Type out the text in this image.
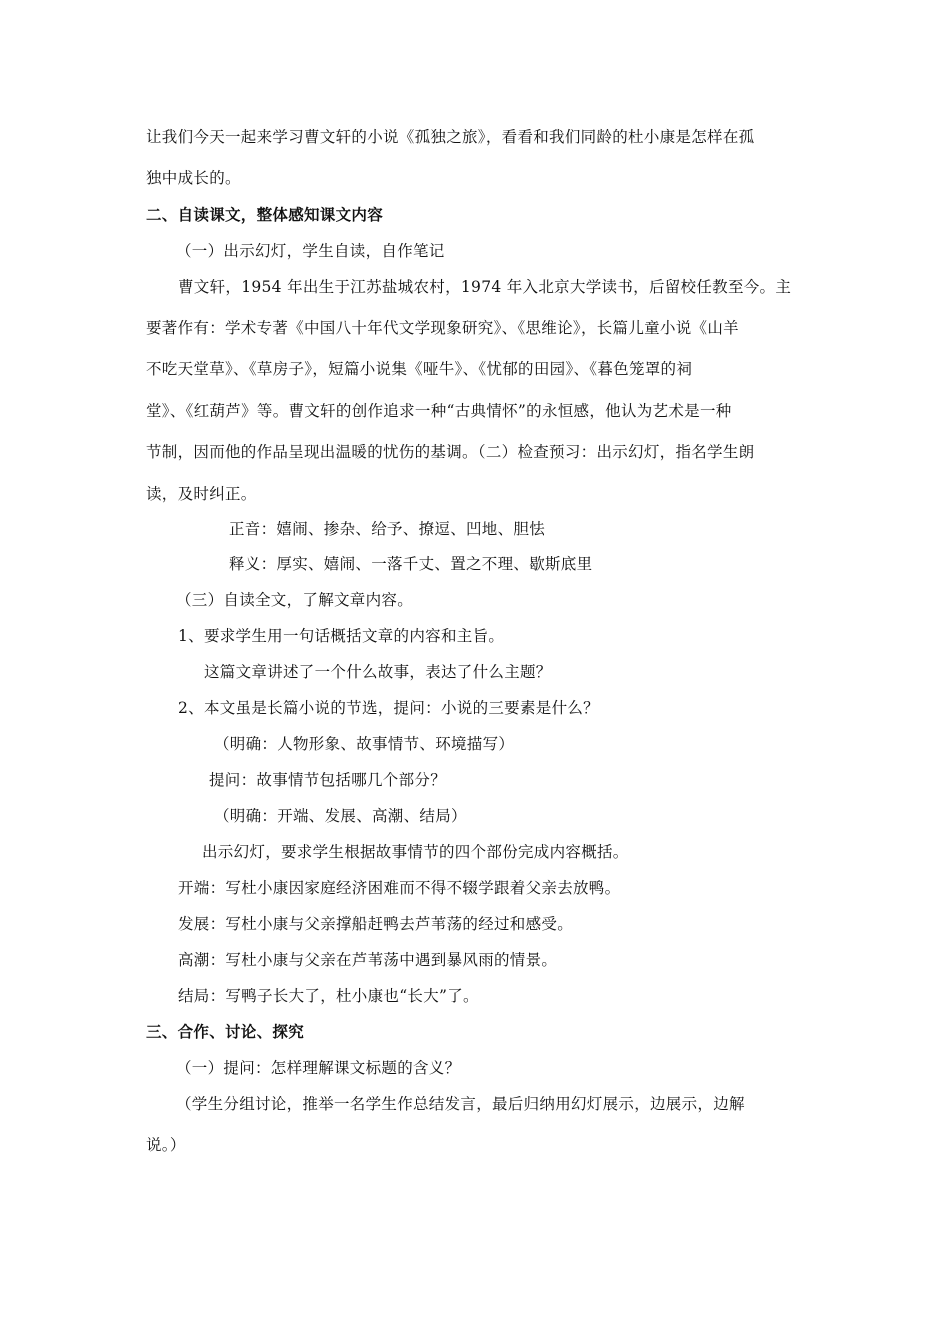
让我们今天一起来学习曹文轩的小说《孤独之旅》，看看和我们同龄的杜小康是怎样在孤
独中成长的。
二、自读课文，整体感知课文内容
（一）出示幻灯，学生自读，自作笔记
曹文轩，1954 年出生于江苏盐城农村，1974 年入北京大学读书，后留校任教至今。主
要著作有：学术专著《中国八十年代文学现象研究》、《思维论》，长篇儿童小说《山羊
不吃天堂草》、《草房子》，短篇小说集《哑牛》、《忧郁的田园》、《暮色笼罩的祠
堂》、《红葫芦》等。曹文轩的创作追求一种“古典情怀”的永恒感，他认为艺术是一种
节制，因而他的作品呈现出温暖的忧伤的基调。（二）检查预习：出示幻灯，指名学生朗
读，及时纠正。
正音：嬉闹、掺杂、给予、撩逗、凹地、胆怯
释义：厚实、嬉闹、一落千丈、置之不理、歇斯底里
（三）自读全文，了解文章内容。
1、要求学生用一句话概括文章的内容和主旨。
这篇文章讲述了一个什么故事，表达了什么主题？
2、本文虽是长篇小说的节选，提问：小说的三要素是什么？
（明确：人物形象、故事情节、环境描写）
提问：故事情节包括哪几个部分？
（明确：开端、发展、高潮、结局）
出示幻灯，要求学生根据故事情节的四个部份完成内容概括。
开端：写杜小康因家庭经济困难而不得不辍学跟着父亲去放鸭。
发展：写杜小康与父亲撑船赶鸭去芦苇荡的经过和感受。
高潮：写杜小康与父亲在芦苇荡中遇到暴风雨的情景。
结局：写鸭子长大了，杜小康也“长大”了。
三、合作、讨论、探究
（一）提问：怎样理解课文标题的含义？
（学生分组讨论，推举一名学生作总结发言，最后归纳用幻灯展示，边展示，边解
说。）
